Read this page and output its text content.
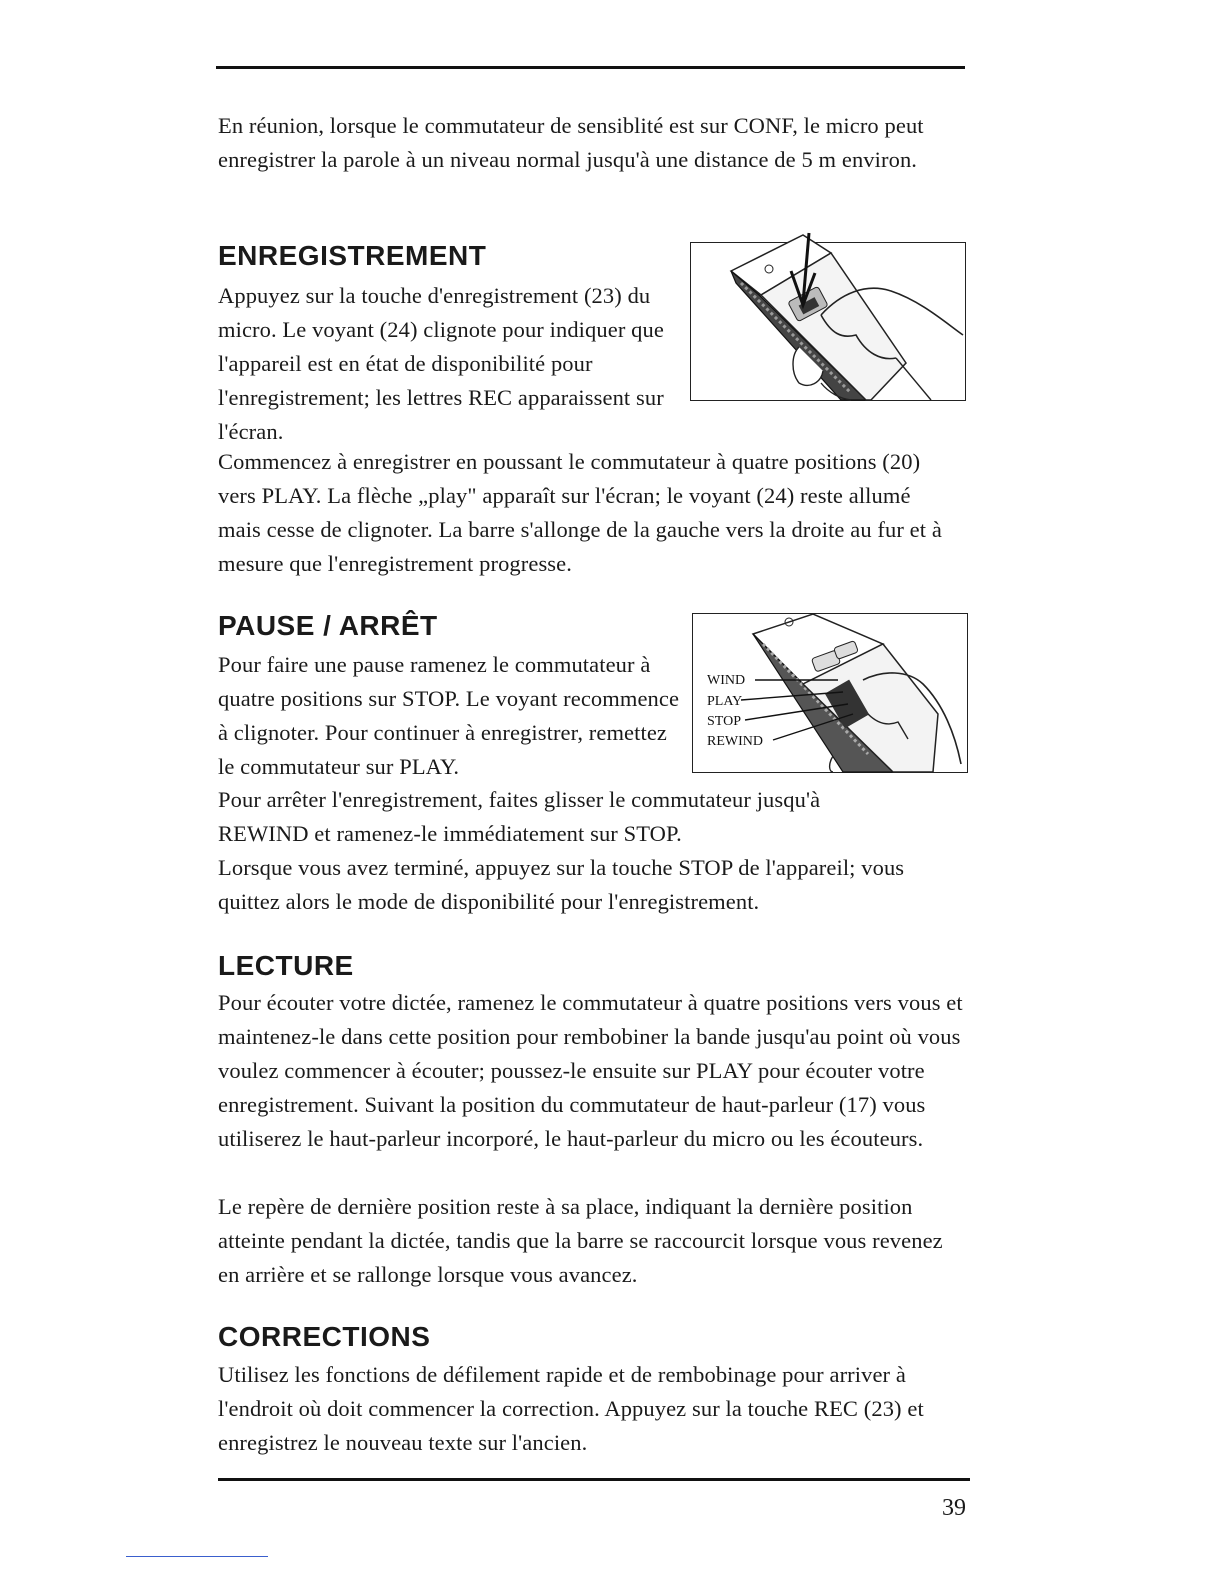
En réunion, lorsque le commutateur de sensiblité est sur CONF, le micro peut enregistrer la parole à un niveau normal jusqu'à une distance de 5 m environ.

ENREGISTREMENT

Appuyez sur la touche d'enregistrement (23) du micro. Le voyant (24) clignote pour indiquer que l'appareil est en état de disponibilité pour l'enregistrement; les lettres REC apparaissent sur l'écran.

Commencez à enregistrer en poussant le commutateur à quatre positions (20) vers PLAY. La flèche „play" apparaît sur l'écran; le voyant (24) reste allumé mais cesse de clignoter. La barre s'allonge de la gauche vers la droite au fur et à mesure que l'enregistrement progresse.

PAUSE / ARRÊT

Pour faire une pause ramenez le commutateur à quatre positions sur STOP. Le voyant recommence à clignoter. Pour continuer à enregistrer, remettez le commutateur sur PLAY.

WIND
PLAY
STOP
REWIND

Pour arrêter l'enregistrement, faites glisser le commutateur jusqu'à REWIND et ramenez-le immédiatement sur STOP.

Lorsque vous avez terminé, appuyez sur la touche STOP de l'appareil; vous quittez alors le mode de disponibilité pour l'enregistrement.

LECTURE

Pour écouter votre dictée, ramenez le commutateur à quatre positions vers vous et maintenez-le dans cette position pour rembobiner la bande jusqu'au point où vous voulez commencer à écouter; poussez-le ensuite sur PLAY pour écouter votre enregistrement. Suivant la position du commutateur de haut-parleur (17) vous utiliserez le haut-parleur incorporé, le haut-parleur du micro ou les écouteurs.

Le repère de dernière position reste à sa place, indiquant la dernière position atteinte pendant la dictée, tandis que la barre se raccourcit lorsque vous revenez en arrière et se rallonge lorsque vous avancez.

CORRECTIONS

Utilisez les fonctions de défilement rapide et de rembobinage pour arriver à l'endroit où doit commencer la correction. Appuyez sur la touche REC (23) et enregistrez le nouveau texte sur l'ancien.

39
